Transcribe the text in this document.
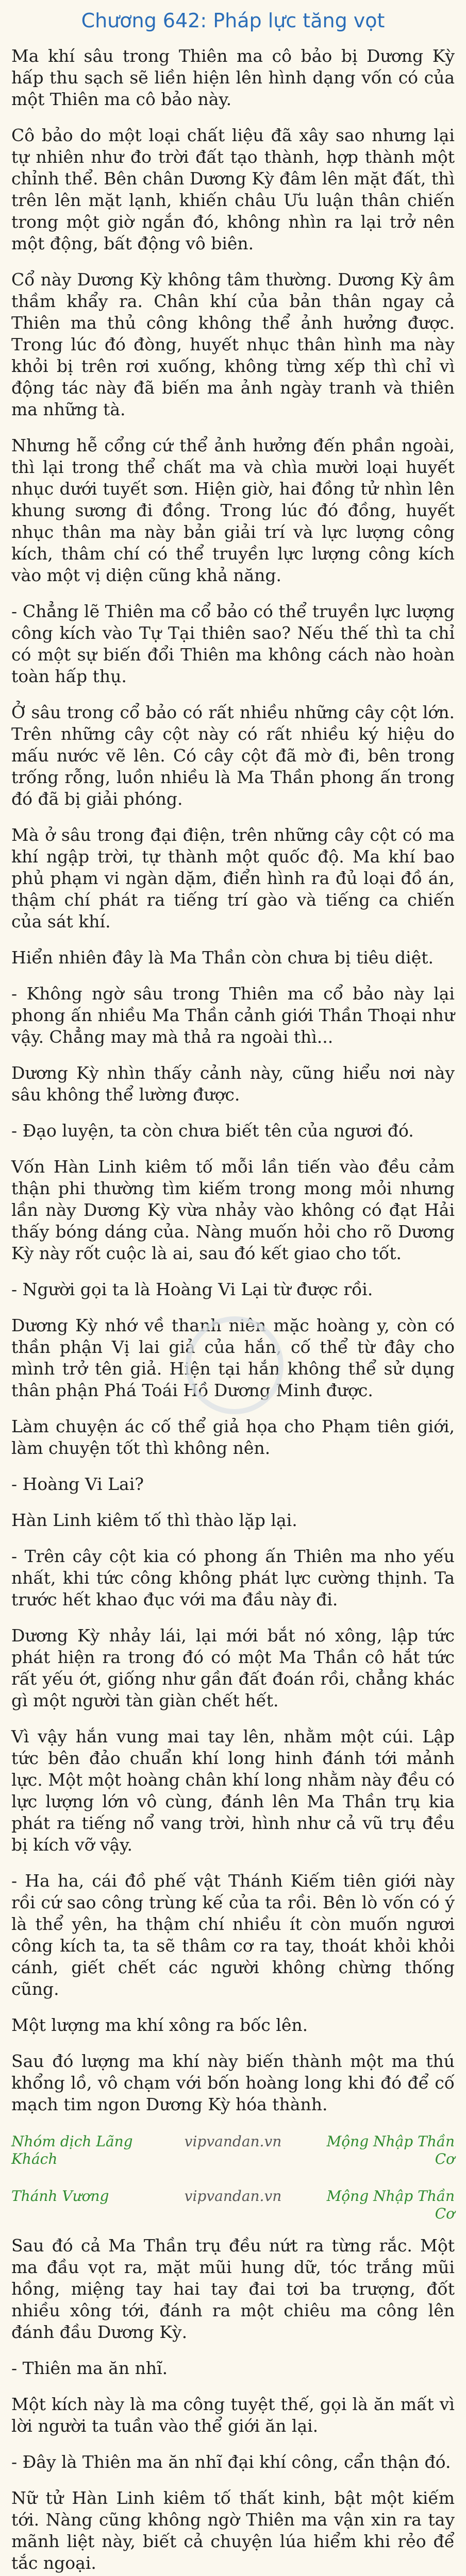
Chương 642: Pháp lực tăng vọt

Ma khí sâu trong Thiên ma cô bảo bị Dương Kỳ hấp thu sạch sẽ liền hiện lên hình dạng vốn có của một Thiên ma cô bảo này.

Cô bảo do một loại chất liệu đã xây sao nhưng lại tự nhiên như đo trời đất tạo thành, hợp thành một chỉnh thể. Bên chân Dương Kỳ đâm lên mặt đất, thì trên lên mặt lạnh, khiến châu Ưu luận thân chiến trong một giờ ngắn đó, không nhìn ra lại trở nên một động, bất động vô biên.

Cổ này Dương Kỳ không tâm thường. Dương Kỳ âm thầm khẩy ra. Chân khí của bản thân ngay cả Thiên ma thủ công không thể ảnh hưởng được. Trong lúc đó đòng, huyết nhục thân hình ma này khỏi bị trên rơi xuống, không từng xếp thì chỉ vì động tác này đã biến ma ảnh ngày tranh và thiên ma những tà.

Nhưng hễ cổng cứ thể ảnh hưởng đến phần ngoài, thì lại trong thể chất ma và chìa mười loại huyết nhục dưới tuyết sơn. Hiện giờ, hai đồng tử nhìn lên khung sương đi đồng. Trong lúc đó đồng, huyết nhục thân ma này bản giải trí và lực lượng công kích, thâm chí có thể truyền lực lượng công kích vào một vị diện cũng khả năng.

- Chẳng lẽ Thiên ma cổ bảo có thể truyền lực lượng công kích vào Tự Tại thiên sao? Nếu thế thì ta chỉ có một sự biến đổi Thiên ma không cách nào hoàn toàn hấp thụ.

Ở sâu trong cổ bảo có rất nhiều những cây cột lớn. Trên những cây cột này có rất nhiều ký hiệu do mấu nước vẽ lên. Có cây cột đã mờ đi, bên trong trống rỗng, luồn nhiều là Ma Thần phong ấn trong đó đã bị giải phóng.

Mà ở sâu trong đại điện, trên những cây cột có ma khí ngập trời, tự thành một quốc độ. Ma khí bao phủ phạm vi ngàn dặm, điển hình ra đủ loại đồ án, thậm chí phát ra tiếng trí gào và tiếng ca chiến của sát khí.

Hiển nhiên đây là Ma Thần còn chưa bị tiêu diệt.

- Không ngờ sâu trong Thiên ma cổ bảo này lại phong ấn nhiều Ma Thần cảnh giới Thần Thoại như vậy. Chẳng may mà thả ra ngoài thì...

Dương Kỳ nhìn thấy cảnh này, cũng hiểu nơi này sâu không thể lường được.

- Đạo luyện, ta còn chưa biết tên của ngươi đó.

Vốn Hàn Linh kiêm tố mỗi lần tiến vào đều cảm thận phi thường tìm kiếm trong mong mỏi nhưng lần này Dương Kỳ vừa nhảy vào không có đạt Hải thấy bóng dáng của. Nàng muốn hỏi cho rõ Dương Kỳ này rốt cuộc là ai, sau đó kết giao cho tốt.

- Người gọi ta là Hoàng Vi Lại từ được rồi.

Dương Kỳ nhớ về thanh niên mặc hoàng y, còn có thần phận Vị lai giả của hắn, cố thể từ đây cho mình trở tên giả. Hiện tại hắn không thể sử dụng thân phận Phá Toái Hồ Dương Minh được.

Làm chuyện ác cố thể giả họa cho Phạm tiên giới, làm chuyện tốt thì không nên.

- Hoàng Vi Lai?

Hàn Linh kiêm tố thì thào lặp lại.

- Trên cây cột kia có phong ấn Thiên ma nho yếu nhất, khi tức công không phát lực cường thịnh. Ta trước hết khao đục với ma đầu này đi.

Dương Kỳ nhảy lái, lại mới bắt nó xông, lập tức phát hiện ra trong đó có một Ma Thần cô hắt tức rất yếu ớt, giống như gần đất đoán rồi, chẳng khác gì một người tàn giàn chết hết.

Vì vậy hắn vung mai tay lên, nhằm một cúi. Lập tức bên đảo chuẩn khí long hinh đánh tới mảnh lực. Một một hoàng chân khí long nhằm này đều có lực lượng lớn vô cùng, đánh lên Ma Thần trụ kia phát ra tiếng nổ vang trời, hình như cả vũ trụ đều bị kích vỡ vậy.

- Ha ha, cái đồ phế vật Thánh Kiếm tiên giới này rồi cứ sao công trùng kế của ta rồi. Bên lò vốn có ý là thể yên, ha thậm chí nhiều ít còn muốn ngươi công kích ta, ta sẽ thâm cơ ra tay, thoát khỏi khỏi cánh, giết chết các người không chừng thống cũng.

Một lượng ma khí xông ra bốc lên.

Sau đó lượng ma khí này biến thành một ma thú khổng lồ, vô chạm với bốn hoàng long khi đó để cố mạch tim ngon Dương Kỳ hóa thành.

Nhóm dịch Lãng Khách
vipvandan.vn	Mộng Nhập Thần Cơ
Thánh Vương	vipvandan.vn	Mộng Nhập Thần Cơ

Sau đó cả Ma Thần trụ đều nứt ra từng rắc. Một ma đầu vọt ra, mặt mũi hung dữ, tóc trắng mũi hồng, miệng tay hai tay đai tơi ba trượng, đốt nhiều xông tới, đánh ra một chiêu ma công lên đánh đầu Dương Kỳ.

- Thiên ma ăn nhĩ.

Một kích này là ma công tuyệt thế, gọi là ăn mất vì lời người ta tuần vào thể giới ăn lại.

- Đây là Thiên ma ăn nhĩ đại khí công, cẩn thận đó.

Nữ tử Hàn Linh kiêm tố thất kinh, bật một kiếm tới. Nàng cũng không ngờ Thiên ma vận xin ra tay mãnh liệt này, biết cả chuyện lúa hiểm khi rẻo để tắc ngoại.
